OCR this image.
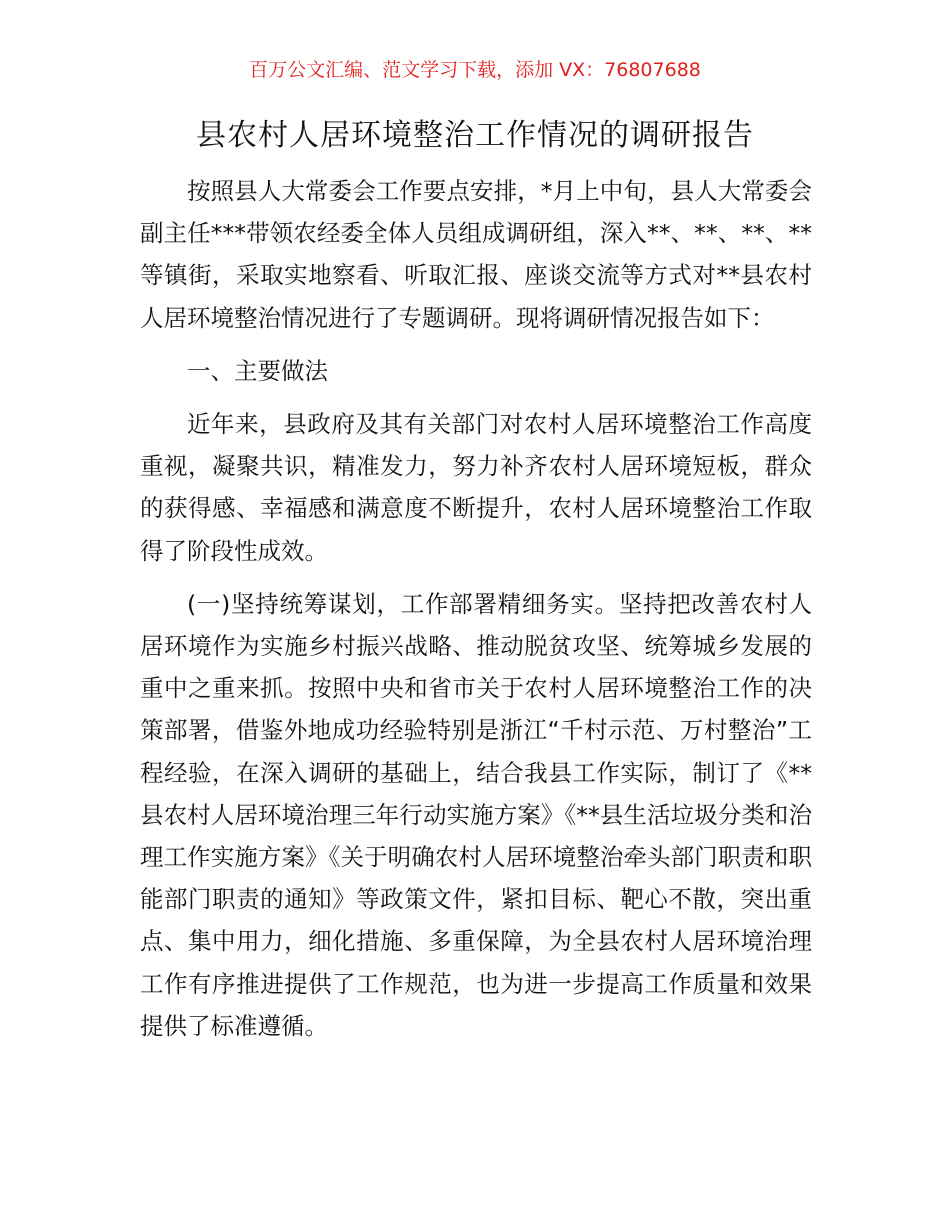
百万公文汇编、范文学习下载，添加 VX：76807688
县农村人居环境整治工作情况的调研报告

按照县人大常委会工作要点安排，*月上中旬，县人大常委会副主任***带领农经委全体人员组成调研组，深入**、**、**、**等镇街，采取实地察看、听取汇报、座谈交流等方式对**县农村人居环境整治情况进行了专题调研。现将调研情况报告如下：

一、主要做法

近年来，县政府及其有关部门对农村人居环境整治工作高度重视，凝聚共识，精准发力，努力补齐农村人居环境短板，群众的获得感、幸福感和满意度不断提升，农村人居环境整治工作取得了阶段性成效。

(一)坚持统筹谋划，工作部署精细务实。坚持把改善农村人居环境作为实施乡村振兴战略、推动脱贫攻坚、统筹城乡发展的重中之重来抓。按照中央和省市关于农村人居环境整治工作的决策部署，借鉴外地成功经验特别是浙江“千村示范、万村整治”工程经验，在深入调研的基础上，结合我县工作实际，制订了《**县农村人居环境治理三年行动实施方案》《**县生活垃圾分类和治理工作实施方案》《关于明确农村人居环境整治牵头部门职责和职能部门职责的通知》等政策文件，紧扣目标、靶心不散，突出重点、集中用力，细化措施、多重保障，为全县农村人居环境治理工作有序推进提供了工作规范，也为进一步提高工作质量和效果提供了标准遵循。
